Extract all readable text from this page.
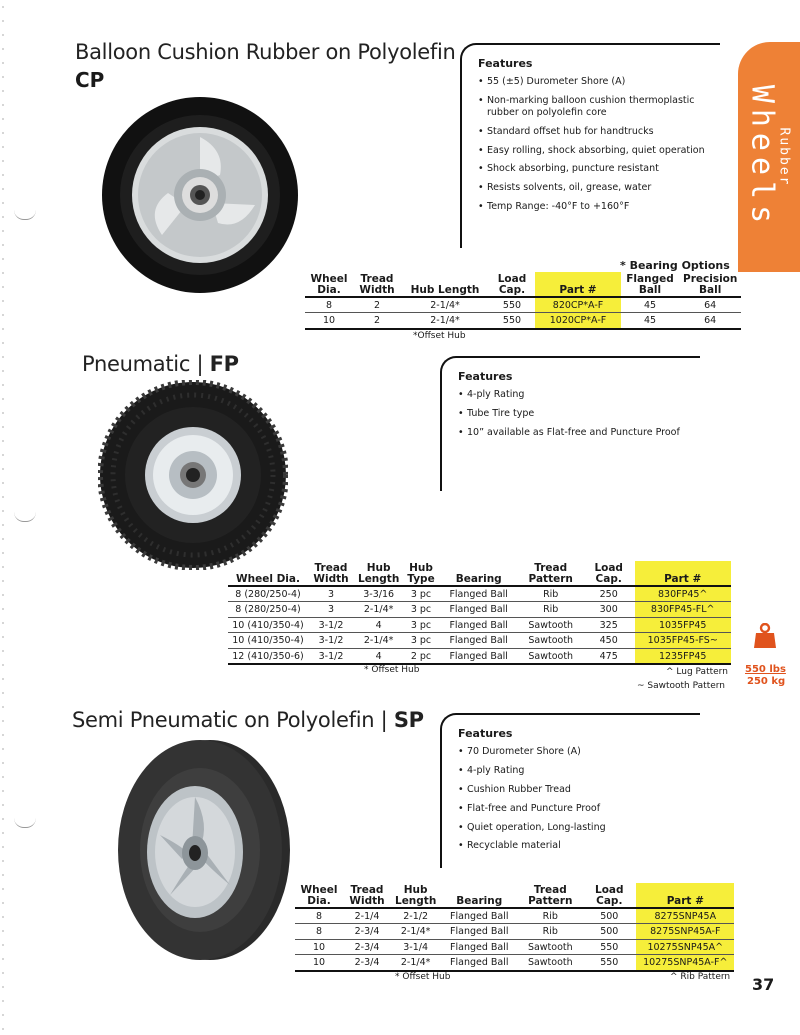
Rubber
Wheels
Balloon Cushion Rubber on Polyolefin
CP
Features
• 55 (±5) Durometer Shore (A)
• Non-marking balloon cushion thermoplastic rubber on polyolefin core
• Standard offset hub for handtrucks
• Easy rolling, shock absorbing, quiet operation
• Shock absorbing, puncture resistant
• Resists solvents, oil, grease, water
• Temp Range: -40°F to +160°F
* Bearing Options
Wheel Dia.	Tread Width	Hub Length	Load Cap.	Part #	Flanged Ball	Precision Ball
8	2	2-1/4*	550	820CP*A-F	45	64
10	2	2-1/4*	550	1020CP*A-F	45	64
*Offset Hub
Pneumatic | FP
Features
• 4-ply Rating
• Tube Tire type
• 10” available as Flat-free and Puncture Proof
Wheel Dia.	Tread Width	Hub Length	Hub Type	Bearing	Tread Pattern	Load Cap.	Part #
8 (280/250-4)	3	3-3/16	3 pc	Flanged Ball	Rib	250	830FP45^
8 (280/250-4)	3	2-1/4*	3 pc	Flanged Ball	Rib	300	830FP45-FL^
10 (410/350-4)	3-1/2	4	3 pc	Flanged Ball	Sawtooth	325	1035FP45
10 (410/350-4)	3-1/2	2-1/4*	3 pc	Flanged Ball	Sawtooth	450	1035FP45-FS~
12 (410/350-6)	3-1/2	4	2 pc	Flanged Ball	Sawtooth	475	1235FP45
* Offset Hub	^ Lug Pattern
~ Sawtooth Pattern
550 lbs
250 kg
Semi Pneumatic on Polyolefin | SP
Features
• 70 Durometer Shore (A)
• 4-ply Rating
• Cushion Rubber Tread
• Flat-free and Puncture Proof
• Quiet operation, Long-lasting
• Recyclable material
Wheel Dia.	Tread Width	Hub Length	Bearing	Tread Pattern	Load Cap.	Part #
8	2-1/4	2-1/2	Flanged Ball	Rib	500	8275SNP45A
8	2-3/4	2-1/4*	Flanged Ball	Rib	500	8275SNP45A-F
10	2-3/4	3-1/4	Flanged Ball	Sawtooth	550	10275SNP45A^
10	2-3/4	2-1/4*	Flanged Ball	Sawtooth	550	10275SNP45A-F^
* Offset Hub	^ Rib Pattern 37
